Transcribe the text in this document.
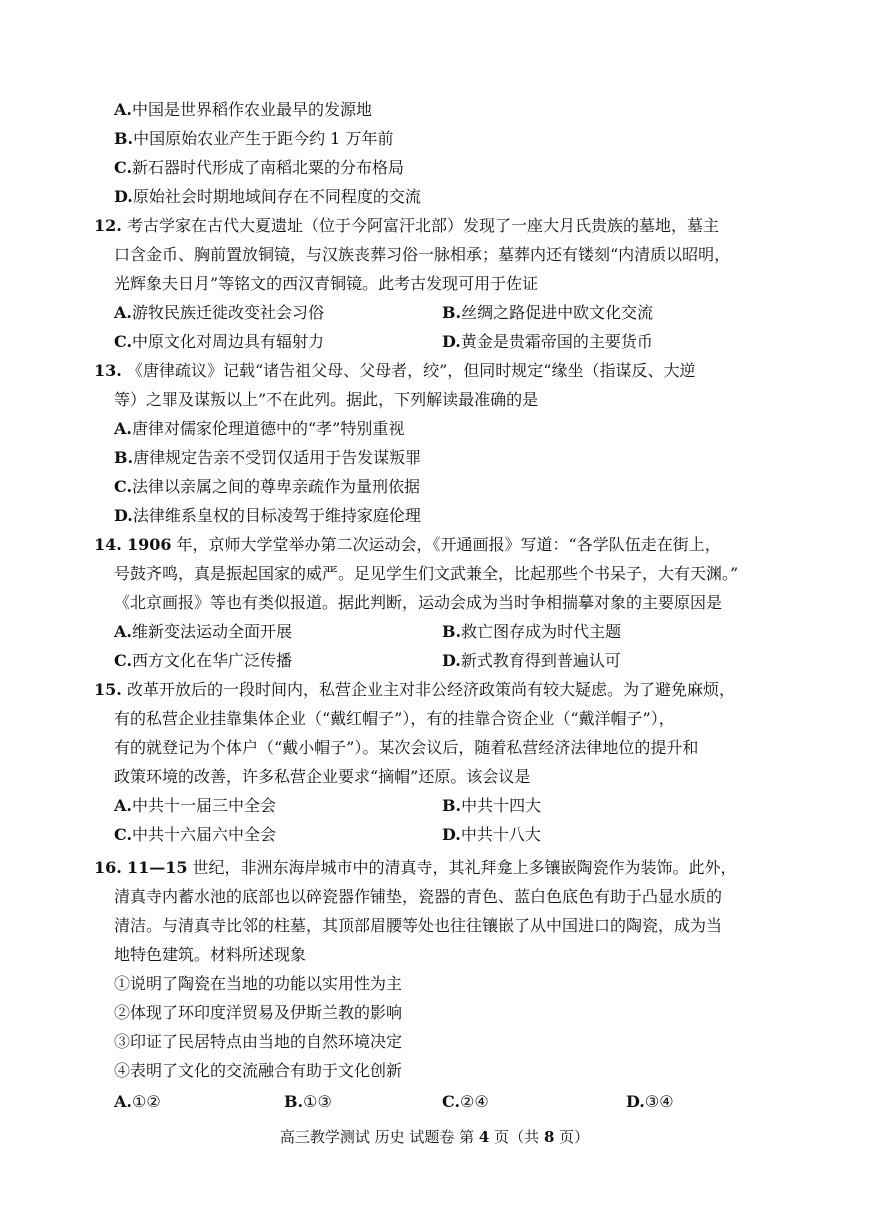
A.中国是世界稻作农业最早的发源地
B.中国原始农业产生于距今约 1 万年前
C.新石器时代形成了南稻北粟的分布格局
D.原始社会时期地域间存在不同程度的交流
12. 考古学家在古代大夏遗址（位于今阿富汗北部）发现了一座大月氏贵族的墓地，墓主
口含金币、胸前置放铜镜，与汉族丧葬习俗一脉相承；墓葬内还有镂刻“内清质以昭明，
光辉象夫日月”等铭文的西汉青铜镜。此考古发现可用于佐证
A.游牧民族迁徙改变社会习俗	B.丝绸之路促进中欧文化交流
C.中原文化对周边具有辐射力	D.黄金是贵霜帝国的主要货币
13. 《唐律疏议》记载“诸告祖父母、父母者，绞”，但同时规定“缘坐（指谋反、大逆
等）之罪及谋叛以上”不在此列。据此，下列解读最准确的是
A.唐律对儒家伦理道德中的“孝”特别重视
B.唐律规定告亲不受罚仅适用于告发谋叛罪
C.法律以亲属之间的尊卑亲疏作为量刑依据
D.法律维系皇权的目标凌驾于维持家庭伦理
14. 1906 年，京师大学堂举办第二次运动会，《开通画报》写道：“各学队伍走在街上，
号鼓齐鸣，真是振起国家的威严。足见学生们文武兼全，比起那些个书呆子，大有天渊。”
《北京画报》等也有类似报道。据此判断，运动会成为当时争相揣摹对象的主要原因是
A.维新变法运动全面开展	B.救亡图存成为时代主题
C.西方文化在华广泛传播	D.新式教育得到普遍认可
15. 改革开放后的一段时间内，私营企业主对非公经济政策尚有较大疑虑。为了避免麻烦，
有的私营企业挂靠集体企业（“戴红帽子”），有的挂靠合资企业（“戴洋帽子”），
有的就登记为个体户（“戴小帽子”）。某次会议后，随着私营经济法律地位的提升和
政策环境的改善，许多私营企业要求“摘帽”还原。该会议是
A.中共十一届三中全会	B.中共十四大
C.中共十六届六中全会	D.中共十八大
16. 11—15 世纪，非洲东海岸城市中的清真寺，其礼拜龛上多镶嵌陶瓷作为装饰。此外，
清真寺内蓄水池的底部也以碎瓷器作铺垫，瓷器的青色、蓝白色底色有助于凸显水质的
清洁。与清真寺比邻的柱墓，其顶部眉腰等处也往往镶嵌了从中国进口的陶瓷，成为当
地特色建筑。材料所述现象
①说明了陶瓷在当地的功能以实用性为主
②体现了环印度洋贸易及伊斯兰教的影响
③印证了民居特点由当地的自然环境决定
④表明了文化的交流融合有助于文化创新
A.①②	B.①③	C.②④	D.③④
高三教学测试 历史 试题卷 第 4 页（共 8 页）
